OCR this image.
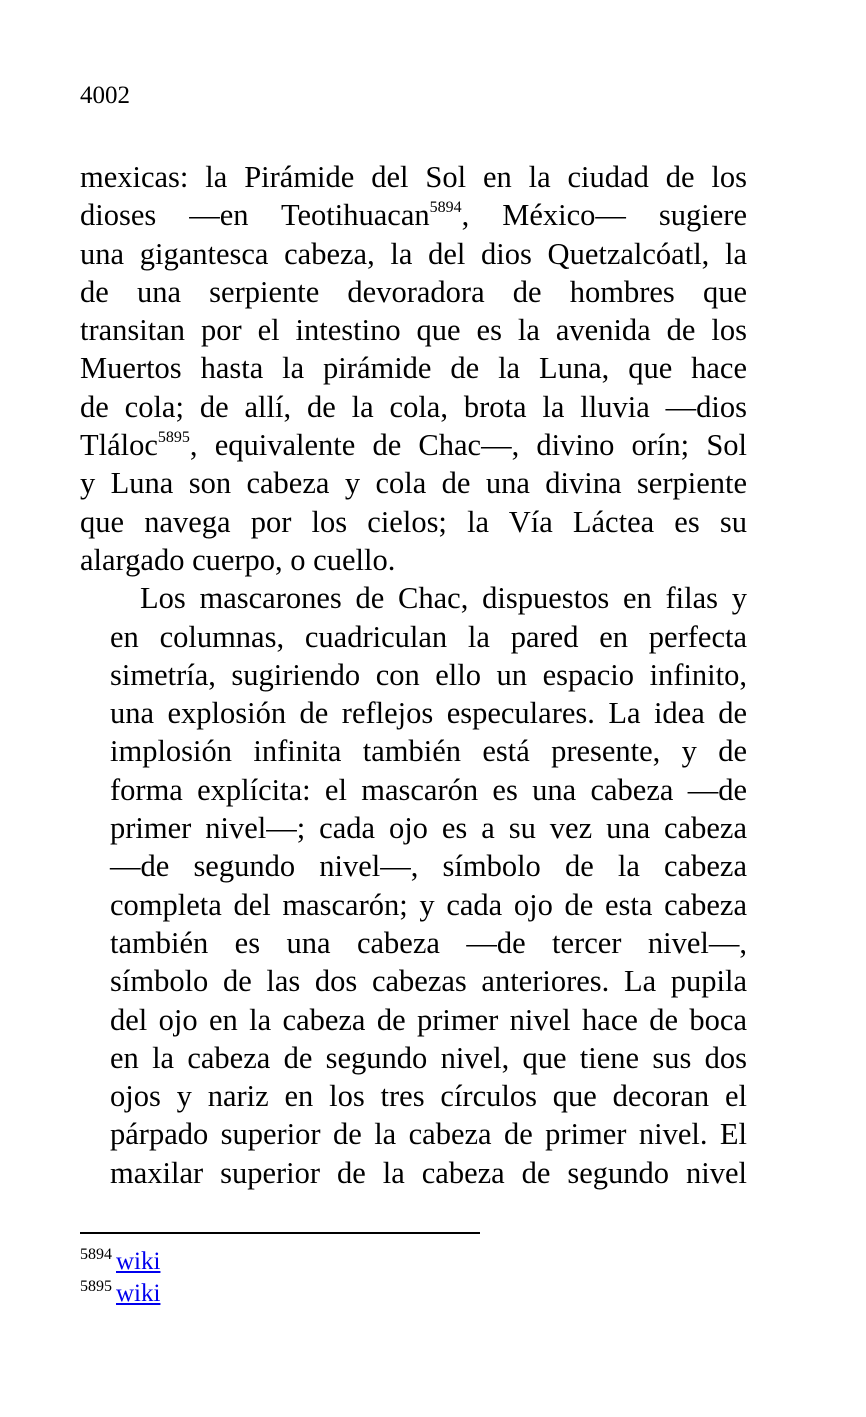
4002

mexicas: la Pirámide del Sol en la ciudad de los
dioses —en Teotihuacan$^{5894}$, México— sugiere
una gigantesca cabeza, la del dios Quetzalcóatl, la
de una serpiente devoradora de hombres que
transitan por el intestino que es la avenida de los
Muertos hasta la pirámide de la Luna, que hace
de cola; de allí, de la cola, brota la lluvia —dios
Tláloc$^{5895}$, equivalente de Chac—, divino orín; Sol
y Luna son cabeza y cola de una divina serpiente
que navega por los cielos; la Vía Láctea es su
alargado cuerpo, o cuello.

Los mascarones de Chac, dispuestos en filas y
en columnas, cuadriculan la pared en perfecta
simetría, sugiriendo con ello un espacio infinito,
una explosión de reflejos especulares. La idea de
implosión infinita también está presente, y de
forma explícita: el mascarón es una cabeza —de
primer nivel—; cada ojo es a su vez una cabeza
—de segundo nivel—, símbolo de la cabeza
completa del mascarón; y cada ojo de esta cabeza
también es una cabeza —de tercer nivel—,
símbolo de las dos cabezas anteriores. La pupila
del ojo en la cabeza de primer nivel hace de boca
en la cabeza de segundo nivel, que tiene sus dos
ojos y nariz en los tres círculos que decoran el
párpado superior de la cabeza de primer nivel. El
maxilar superior de la cabeza de segundo nivel

$^{5894}$ wiki
$^{5895}$ wiki
